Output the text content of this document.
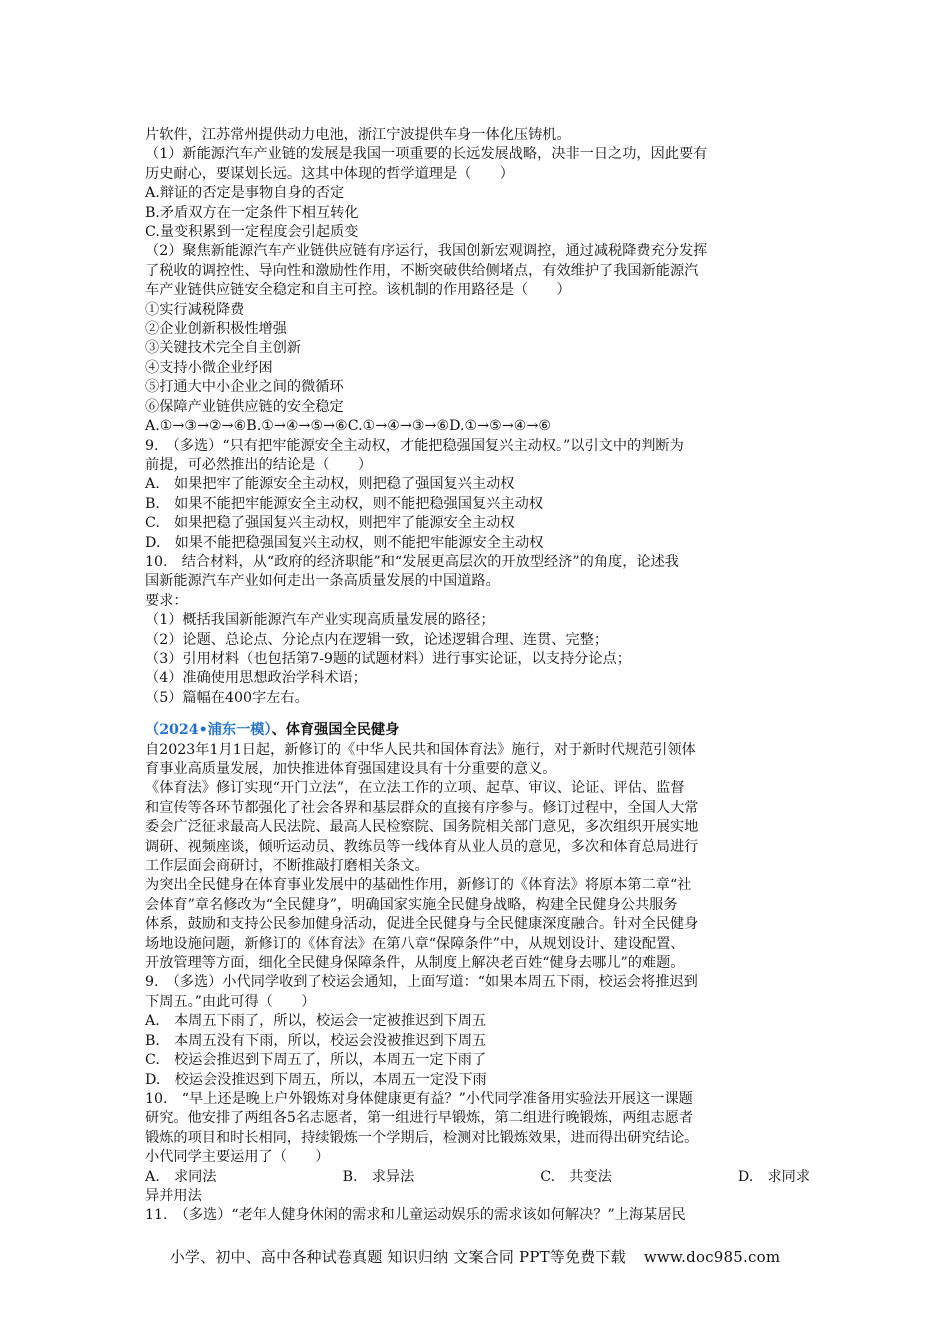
片软件，江苏常州提供动力电池，浙江宁波提供车身一体化压铸机。

（1）新能源汽车产业链的发展是我国一项重要的长远发展战略，决非一日之功，因此要有

历史耐心，要谋划长远。这其中体现的哲学道理是（　　）

A.辩证的否定是事物自身的否定

B.矛盾双方在一定条件下相互转化

C.量变积累到一定程度会引起质变

（2）聚焦新能源汽车产业链供应链有序运行，我国创新宏观调控，通过减税降费充分发挥

了税收的调控性、导向性和激励性作用，不断突破供给侧堵点，有效维护了我国新能源汽

车产业链供应链安全稳定和自主可控。该机制的作用路径是（　　）

①实行减税降费

②企业创新积极性增强

③关键技术完全自主创新

④支持小微企业纾困

⑤打通大中小企业之间的微循环

⑥保障产业链供应链的安全稳定

A.①→③→②→⑥B.①→④→⑤→⑥C.①→④→③→⑥D.①→⑤→④→⑥

9.　（多选）“只有把牢能源安全主动权，才能把稳强国复兴主动权。”以引文中的判断为

前提，可必然推出的结论是（　　）

A.　如果把牢了能源安全主动权，则把稳了强国复兴主动权

B.　如果不能把牢能源安全主动权，则不能把稳强国复兴主动权

C.　如果把稳了强国复兴主动权，则把牢了能源安全主动权

D.　如果不能把稳强国复兴主动权，则不能把牢能源安全主动权

10.　结合材料，从“政府的经济职能”和“发展更高层次的开放型经济”的角度，论述我

国新能源汽车产业如何走出一条高质量发展的中国道路。

要求：

（1）概括我国新能源汽车产业实现高质量发展的路径；

（2）论题、总论点、分论点内在逻辑一致，论述逻辑合理、连贯、完整；

（3）引用材料（也包括第7-9题的试题材料）进行事实论证，以支持分论点；

（4）准确使用思想政治学科术语；

（5）篇幅在400字左右。

（2024•浦东一模）、体育强国全民健身

自2023年1月1日起，新修订的《中华人民共和国体育法》施行，对于新时代规范引领体

育事业高质量发展，加快推进体育强国建设具有十分重要的意义。

《体育法》修订实现“开门立法”，在立法工作的立项、起草、审议、论证、评估、监督

和宣传等各环节都强化了社会各界和基层群众的直接有序参与。修订过程中，全国人大常

委会广泛征求最高人民法院、最高人民检察院、国务院相关部门意见，多次组织开展实地

调研、视频座谈，倾听运动员、教练员等一线体育从业人员的意见，多次和体育总局进行

工作层面会商研讨，不断推敲打磨相关条文。

为突出全民健身在体育事业发展中的基础性作用，新修订的《体育法》将原本第二章“社

会体育”章名修改为“全民健身”，明确国家实施全民健身战略，构建全民健身公共服务

体系，鼓励和支持公民参加健身活动，促进全民健身与全民健康深度融合。针对全民健身

场地设施问题，新修订的《体育法》在第八章“保障条件”中，从规划设计、建设配置、

开放管理等方面，细化全民健身保障条件，从制度上解决老百姓“健身去哪儿”的难题。

9.　（多选）小代同学收到了校运会通知，上面写道：“如果本周五下雨，校运会将推迟到

下周五。”由此可得（　　）

A.　本周五下雨了，所以，校运会一定被推迟到下周五

B.　本周五没有下雨，所以，校运会没被推迟到下周五

C.　校运会推迟到下周五了，所以，本周五一定下雨了

D.　校运会没推迟到下周五，所以，本周五一定没下雨

10.　“早上还是晚上户外锻炼对身体健康更有益？”小代同学准备用实验法开展这一课题

研究。他安排了两组各5名志愿者，第一组进行早锻炼，第二组进行晚锻炼，两组志愿者

锻炼的项目和时长相同，持续锻炼一个学期后，检测对比锻炼效果，进而得出研究结论。

小代同学主要运用了（　　）

A.　求同法	B.　求异法	C.　共变法	D.　求同求

异并用法

11.　（多选）“老年人健身休闲的需求和儿童运动娱乐的需求该如何解决？”上海某居民

小学、初中、高中各种试卷真题 知识归纳 文案合同 PPT等免费下载 www.doc985.com
